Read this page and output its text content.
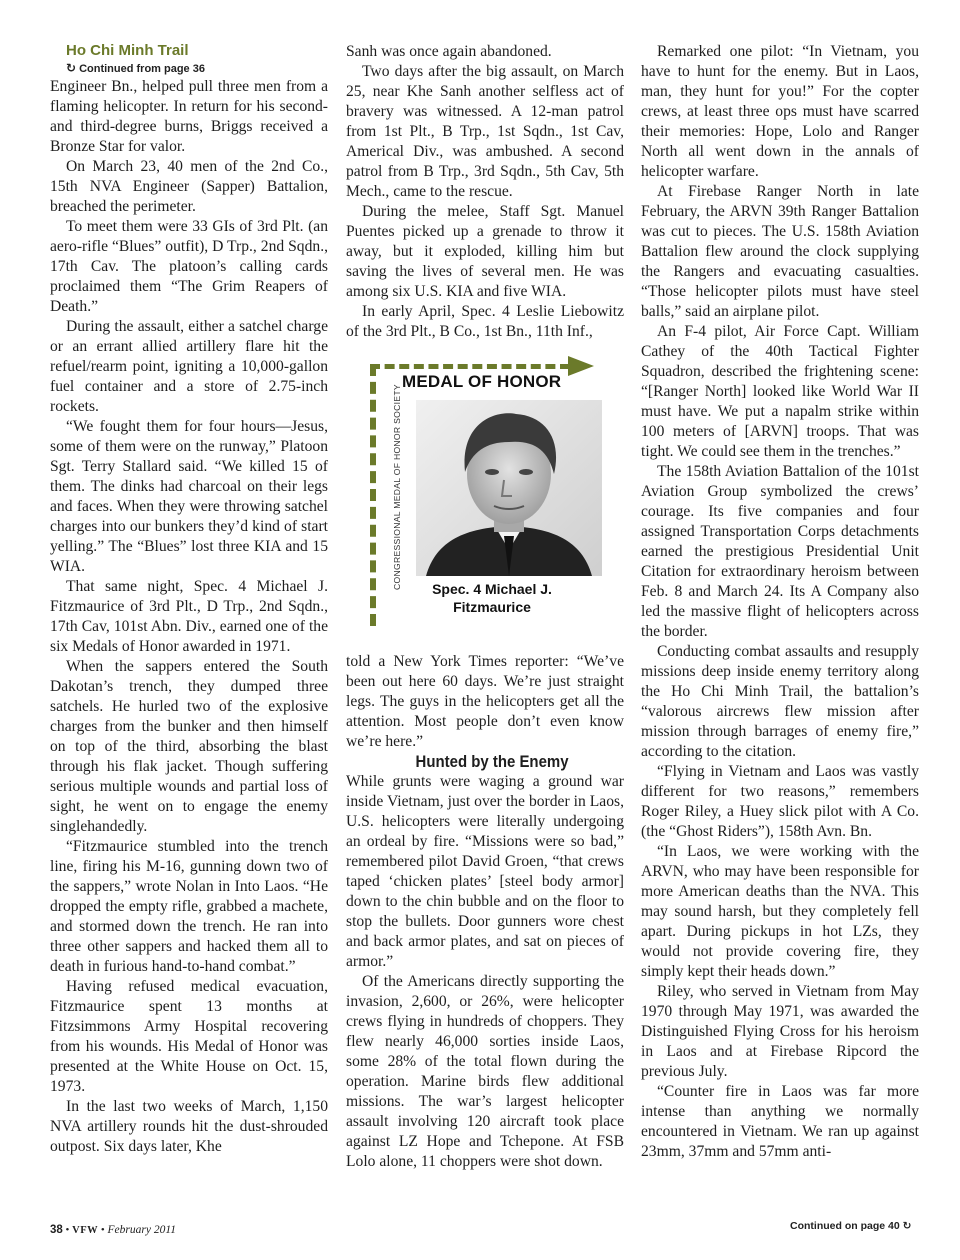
Ho Chi Minh Trail

↻ Continued from page 36

Engineer Bn., helped pull three men from a flaming helicopter. In return for his second- and third-degree burns, Briggs received a Bronze Star for valor.

On March 23, 40 men of the 2nd Co., 15th NVA Engineer (Sapper) Battalion, breached the perimeter.

To meet them were 33 GIs of 3rd Plt. (an aero-rifle “Blues” outfit), D Trp., 2nd Sqdn., 17th Cav. The platoon’s calling cards proclaimed them “The Grim Reapers of Death.”

During the assault, either a satchel charge or an errant allied artillery flare hit the refuel/rearm point, igniting a 10,000-gallon fuel container and a store of 2.75-inch rockets.

“We fought them for four hours—Jesus, some of them were on the runway,” Platoon Sgt. Terry Stallard said. “We killed 15 of them. The dinks had charcoal on their legs and faces. When they were throwing satchel charges into our bunkers they’d kind of start yelling.” The “Blues” lost three KIA and 15 WIA.

That same night, Spec. 4 Michael J. Fitzmaurice of 3rd Plt., D Trp., 2nd Sqdn., 17th Cav, 101st Abn. Div., earned one of the six Medals of Honor awarded in 1971.

When the sappers entered the South Dakotan’s trench, they dumped three satchels. He hurled two of the explosive charges from the bunker and then himself on top of the third, absorbing the blast through his flak jacket. Though suffering serious multiple wounds and partial loss of sight, he went on to engage the enemy singlehandedly.

“Fitzmaurice stumbled into the trench line, firing his M-16, gunning down two of the sappers,” wrote Nolan in Into Laos. “He dropped the empty rifle, grabbed a machete, and stormed down the trench. He ran into three other sappers and hacked them all to death in furious hand-to-hand combat.”

Having refused medical evacuation, Fitzmaurice spent 13 months at Fitzsimmons Army Hospital recovering from his wounds. His Medal of Honor was presented at the White House on Oct. 15, 1973.

In the last two weeks of March, 1,150 NVA artillery rounds hit the dust-shrouded outpost. Six days later, Khe

Sanh was once again abandoned.

Two days after the big assault, on March 25, near Khe Sanh another selfless act of bravery was witnessed. A 12-man patrol from 1st Plt., B Trp., 1st Sqdn., 1st Cav, Americal Div., was ambushed. A second patrol from B Trp., 3rd Sqdn., 5th Cav, 5th Mech., came to the rescue.

During the melee, Staff Sgt. Manuel Puentes picked up a grenade to throw it away, but it exploded, killing him but saving the lives of several men. He was among six U.S. KIA and five WIA.

In early April, Spec. 4 Leslie Liebowitz of the 3rd Plt., B Co., 1st Bn., 11th Inf.,

MEDAL OF HONOR
CONGRESSIONAL MEDAL OF HONOR SOCIETY	Spec. 4 Michael J. Fitzmaurice

told a New York Times reporter: “We’ve been out here 60 days. We’re just straight legs. The guys in the helicopters get all the attention. Most people don’t even know we’re here.”

Hunted by the Enemy

While grunts were waging a ground war inside Vietnam, just over the border in Laos, U.S. helicopters were literally undergoing an ordeal by fire. “Missions were so bad,” remembered pilot David Groen, “that crews taped ‘chicken plates’ [steel body armor] down to the chin bubble and on the floor to stop the bullets. Door gunners wore chest and back armor plates, and sat on pieces of armor.”

Of the Americans directly supporting the invasion, 2,600, or 26%, were helicopter crews flying in hundreds of choppers. They flew nearly 46,000 sorties inside Laos, some 28% of the total flown during the operation. Marine birds flew additional missions. The war’s largest helicopter assault involving 120 aircraft took place against LZ Hope and Tchepone. At FSB Lolo alone, 11 choppers were shot down.

Remarked one pilot: “In Vietnam, you have to hunt for the enemy. But in Laos, man, they hunt for you!” For the copter crews, at least three ops must have scarred their memories: Hope, Lolo and Ranger North all went down in the annals of helicopter warfare.

At Firebase Ranger North in late February, the ARVN 39th Ranger Battalion was cut to pieces. The U.S. 158th Aviation Battalion flew around the clock supplying the Rangers and evacuating casualties. “Those helicopter pilots must have steel balls,” said an airplane pilot.

An F-4 pilot, Air Force Capt. William Cathey of the 40th Tactical Fighter Squadron, described the frightening scene: “[Ranger North] looked like World War II must have. We put a napalm strike within 100 meters of [ARVN] troops. That was tight. We could see them in the trenches.”

The 158th Aviation Battalion of the 101st Aviation Group symbolized the crews’ courage. Its five companies and four assigned Transportation Corps detachments earned the prestigious Presidential Unit Citation for extraordinary heroism between Feb. 8 and March 24. Its A Company also led the massive flight of helicopters across the border.

Conducting combat assaults and resupply missions deep inside enemy territory along the Ho Chi Minh Trail, the battalion’s “valorous aircrews flew mission after mission through barrages of enemy fire,” according to the citation.

“Flying in Vietnam and Laos was vastly different for two reasons,” remembers Roger Riley, a Huey slick pilot with A Co. (the “Ghost Riders”), 158th Avn. Bn.

“In Laos, we were working with the ARVN, who may have been responsible for more American deaths than the NVA. This may sound harsh, but they completely fell apart. During pickups in hot LZs, they would not provide covering fire, they simply kept their heads down.”

Riley, who served in Vietnam from May 1970 through May 1971, was awarded the Distinguished Flying Cross for his heroism in Laos and at Firebase Ripcord the previous July.

“Counter fire in Laos was far more intense than anything we normally encountered in Vietnam. We ran up against 23mm, 37mm and 57mm anti-

Continued on page 40 ↻
38 • VFW • February 2011
